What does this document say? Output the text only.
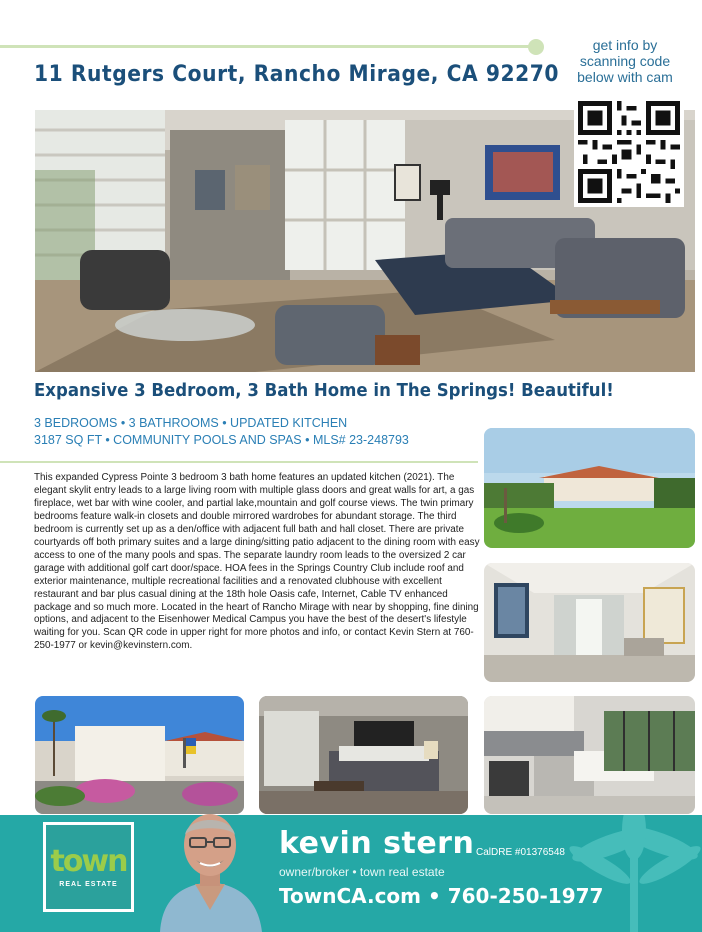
11 Rutgers Court, Rancho Mirage, CA 92270
get info by
scanning code
below with cam
Expansive 3 Bedroom, 3 Bath Home in The Springs! Beautiful!
3 BEDROOMS • 3 BATHROOMS • UPDATED KITCHEN
3187 SQ FT • COMMUNITY POOLS AND SPAS • MLS# 23-248793
This expanded Cypress Pointe 3 bedroom 3 bath home features an updated kitchen (2021). The elegant skylit entry leads to a large living room with multiple glass doors and great walls for art, a gas fireplace, wet bar with wine cooler, and partial lake,mountain and golf course views. The twin primary bedrooms feature walk-in closets and double mirrored wardrobes for abundant storage. The third bedroom is currently set up as a den/office with adjacent full bath and hall closet. There are private courtyards off both primary suites and a large dining/sitting patio adjacent to the dining room with easy access to one of the many pools and spas. The separate laundry room leads to the oversized 2 car garage with additional golf cart door/space. HOA fees in the Springs Country Club include roof and exterior maintenance, multiple recreational facilities and a renovated clubhouse with excellent restaurant and bar plus casual dining at the 18th hole Oasis cafe, Internet, Cable TV enhanced package and so much more. Located in the heart of Rancho Mirage with near by shopping, fine dining options, and adjacent to the Eisenhower Medical Campus you have the best of the desert's lifestyle waiting for you. Scan QR code in upper right for more photos and info, or contact Kevin Stern at 760-250-1977 or kevin@kevinstern.com.
town
REAL ESTATE
kevin stern CalDRE #01376548
owner/broker • town real estate
TownCA.com • 760-250-1977
